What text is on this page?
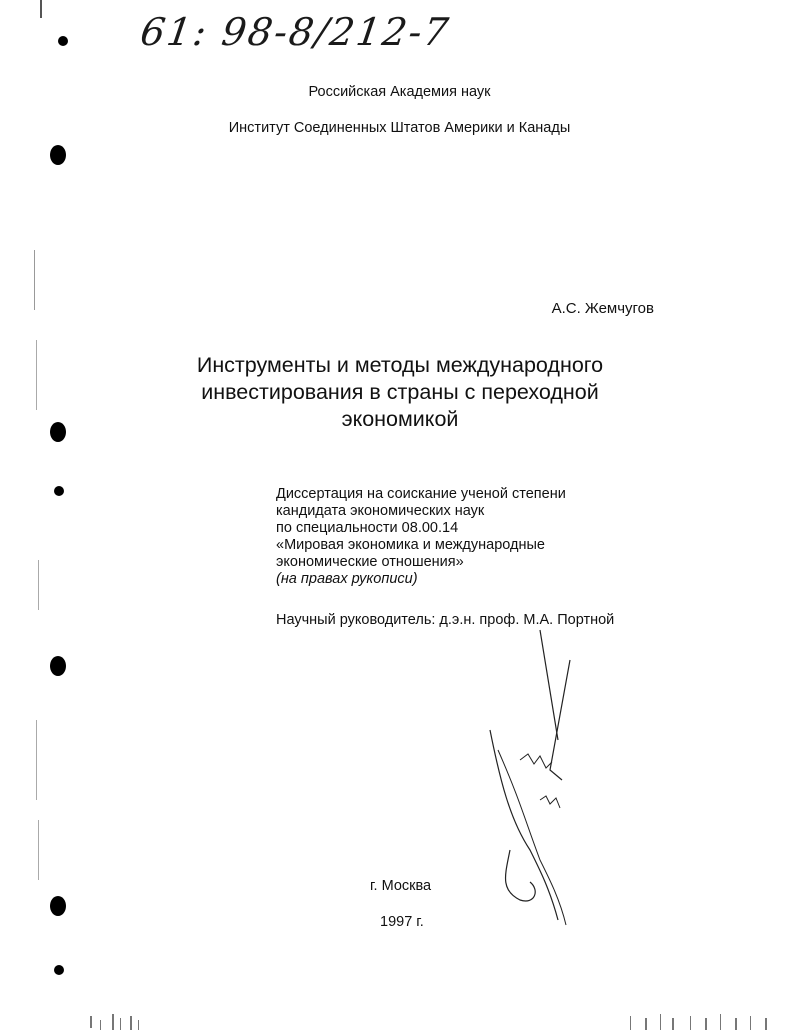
61: 98-8/212-7
Российская Академия наук
Институт Соединенных Штатов Америки и Канады
А.С. Жемчугов
Инструменты и методы международного
инвестирования в страны с переходной
экономикой
Диссертация на соискание ученой степени
кандидата экономических наук
по специальности 08.00.14
«Мировая экономика и международные
экономические отношения»
(на правах рукописи)
Научный руководитель: д.э.н. проф. М.А. Портной
г. Москва
1997 г.
